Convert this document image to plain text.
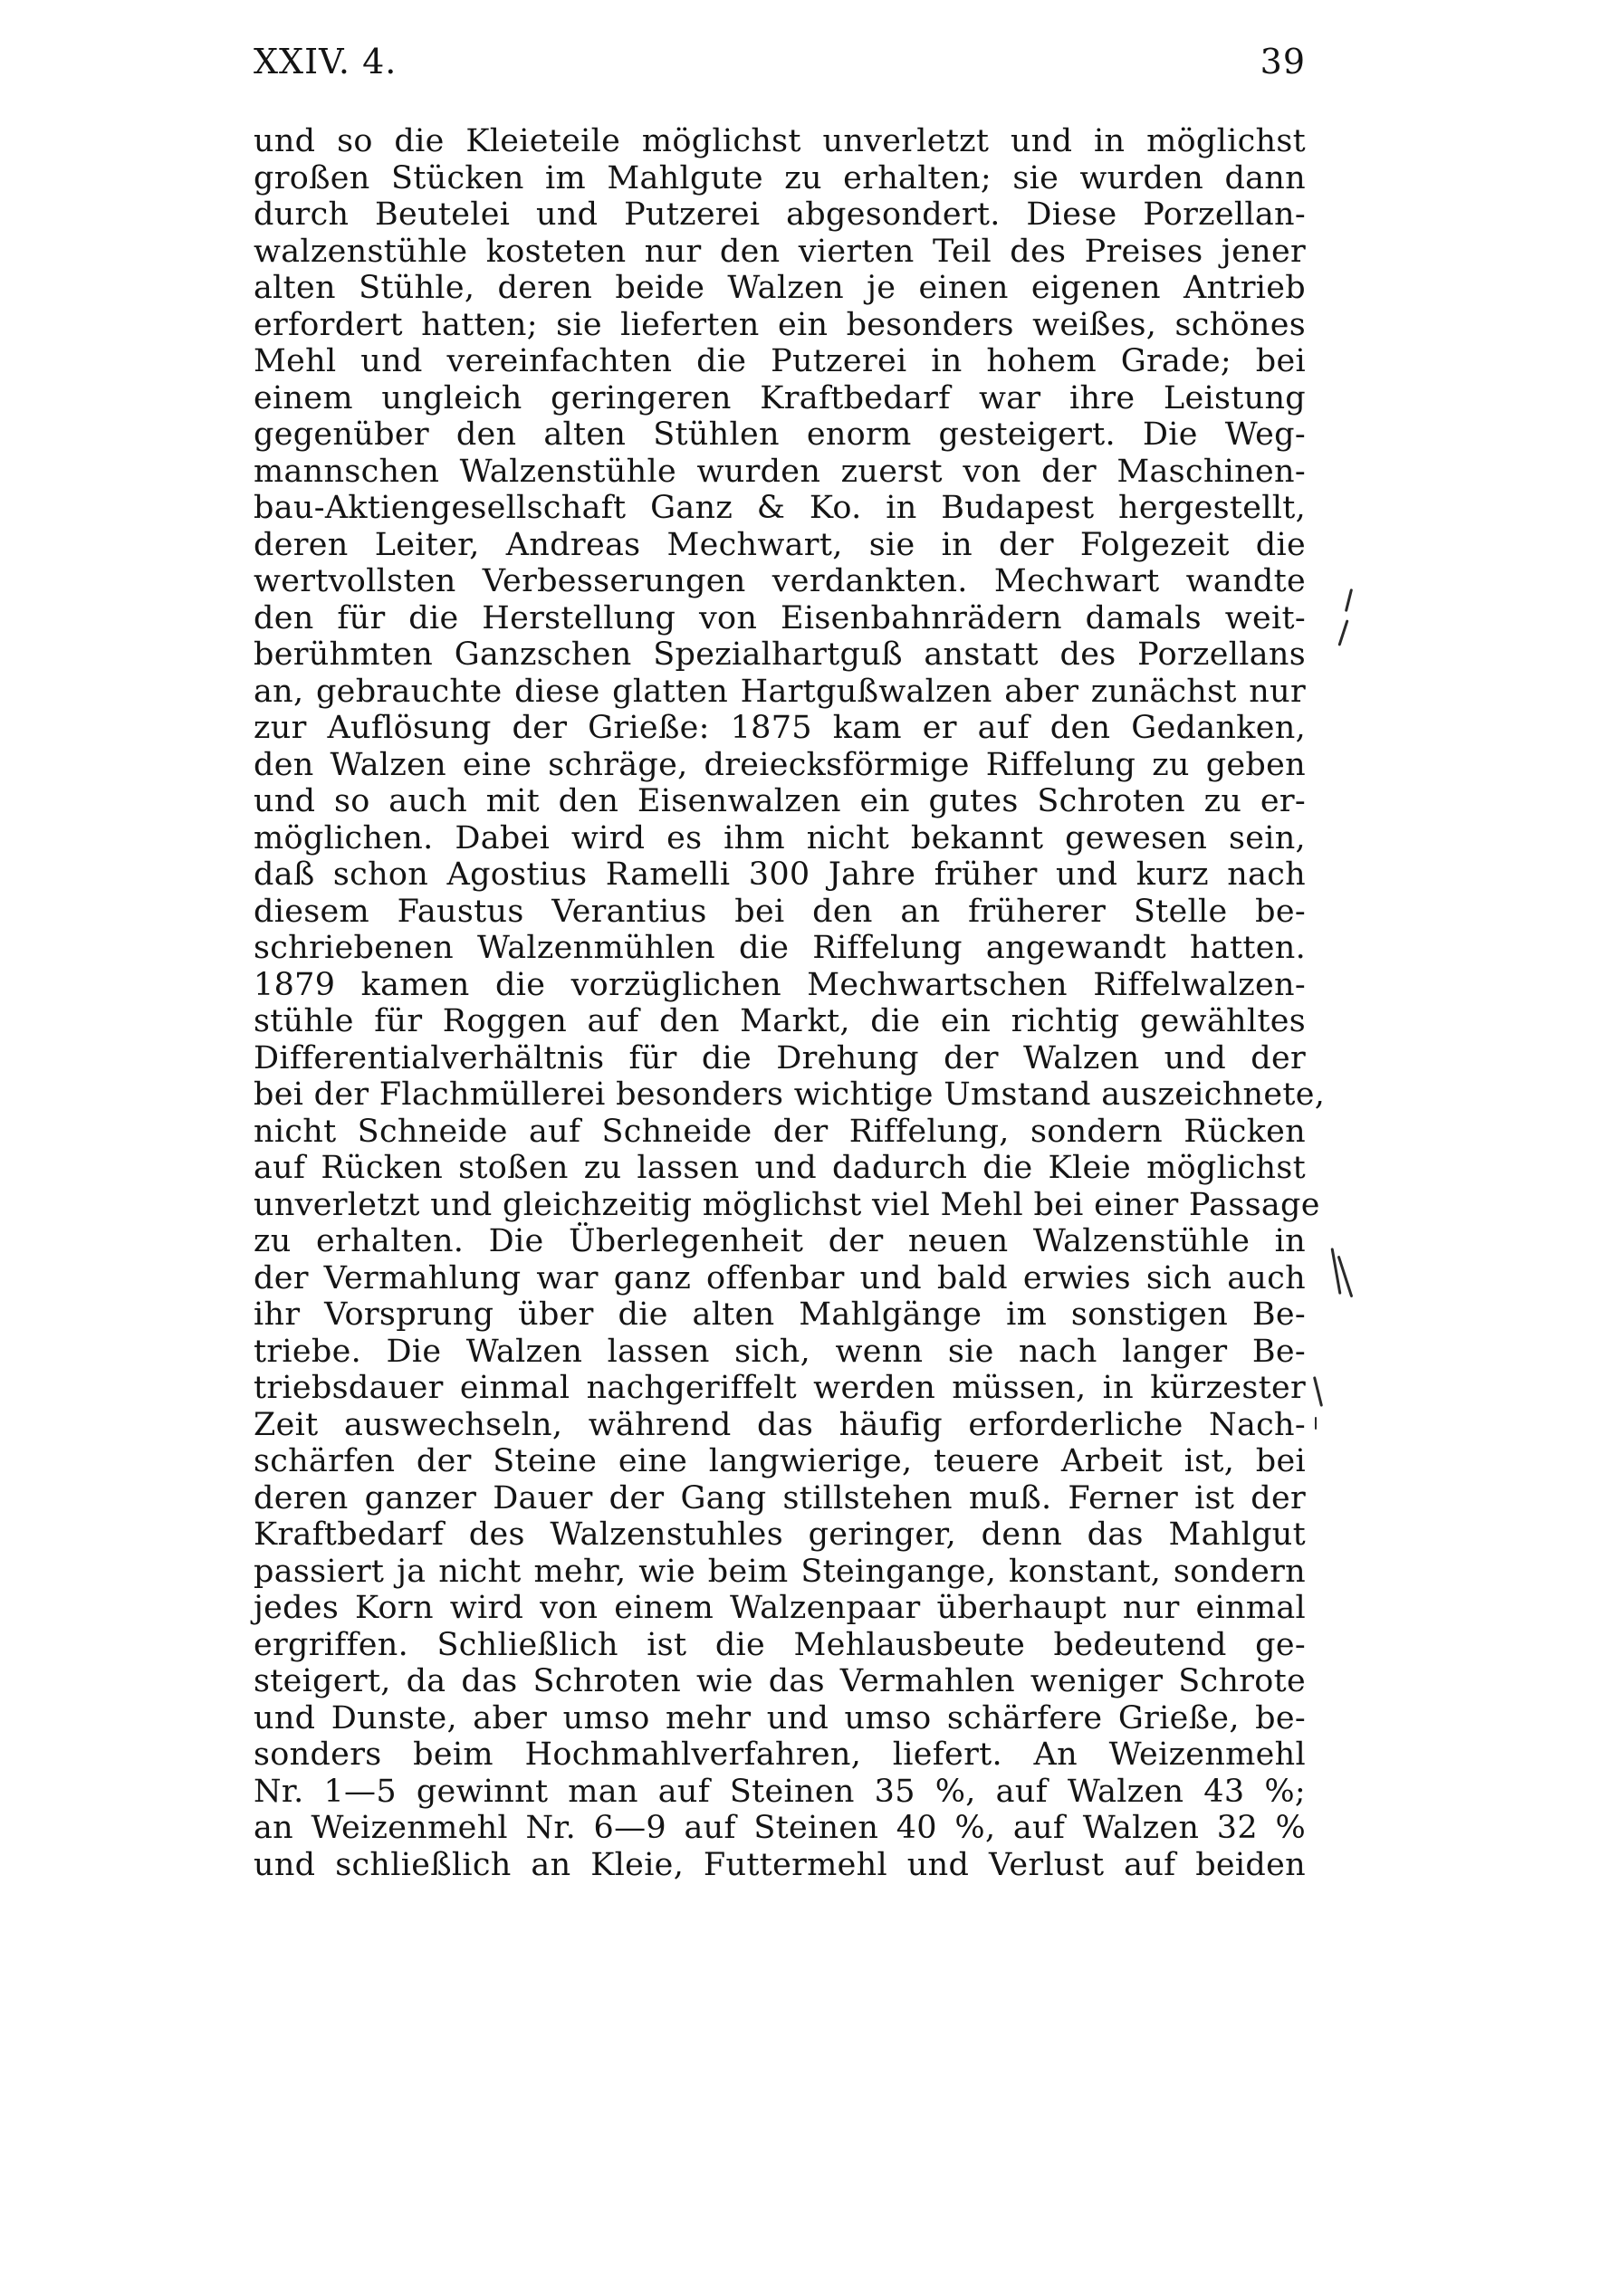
XXIV. 4.	39
und so die Kleieteile möglichst unverletzt und in möglichst
großen Stücken im Mahlgute zu erhalten; sie wurden dann
durch Beutelei und Putzerei abgesondert. Diese Porzellan-
walzenstühle kosteten nur den vierten Teil des Preises jener
alten Stühle, deren beide Walzen je einen eigenen Antrieb
erfordert hatten; sie lieferten ein besonders weißes, schönes
Mehl und vereinfachten die Putzerei in hohem Grade; bei
einem ungleich geringeren Kraftbedarf war ihre Leistung
gegenüber den alten Stühlen enorm gesteigert. Die Weg-
mannschen Walzenstühle wurden zuerst von der Maschinen-
bau-Aktiengesellschaft Ganz & Ko. in Budapest hergestellt,
deren Leiter, Andreas Mechwart, sie in der Folgezeit die
wertvollsten Verbesserungen verdankten. Mechwart wandte
den für die Herstellung von Eisenbahnrädern damals weit-
berühmten Ganzschen Spezialhartguß anstatt des Porzellans
an, gebrauchte diese glatten Hartgußwalzen aber zunächst nur
zur Auflösung der Grieße: 1875 kam er auf den Gedanken,
den Walzen eine schräge, dreiecksförmige Riffelung zu geben
und so auch mit den Eisenwalzen ein gutes Schroten zu er-
möglichen. Dabei wird es ihm nicht bekannt gewesen sein,
daß schon Agostius Ramelli 300 Jahre früher und kurz nach
diesem Faustus Verantius bei den an früherer Stelle be-
schriebenen Walzenmühlen die Riffelung angewandt hatten.
1879 kamen die vorzüglichen Mechwartschen Riffelwalzen-
stühle für Roggen auf den Markt, die ein richtig gewähltes
Differentialverhältnis für die Drehung der Walzen und der
bei der Flachmüllerei besonders wichtige Umstand auszeichnete,
nicht Schneide auf Schneide der Riffelung, sondern Rücken
auf Rücken stoßen zu lassen und dadurch die Kleie möglichst
unverletzt und gleichzeitig möglichst viel Mehl bei einer Passage
zu erhalten. Die Überlegenheit der neuen Walzenstühle in
der Vermahlung war ganz offenbar und bald erwies sich auch
ihr Vorsprung über die alten Mahlgänge im sonstigen Be-
triebe. Die Walzen lassen sich, wenn sie nach langer Be-
triebsdauer einmal nachgeriffelt werden müssen, in kürzester
Zeit auswechseln, während das häufig erforderliche Nach-
schärfen der Steine eine langwierige, teuere Arbeit ist, bei
deren ganzer Dauer der Gang stillstehen muß. Ferner ist der
Kraftbedarf des Walzenstuhles geringer, denn das Mahlgut
passiert ja nicht mehr, wie beim Steingange, konstant, sondern
jedes Korn wird von einem Walzenpaar überhaupt nur einmal
ergriffen. Schließlich ist die Mehlausbeute bedeutend ge-
steigert, da das Schroten wie das Vermahlen weniger Schrote
und Dunste, aber umso mehr und umso schärfere Grieße, be-
sonders beim Hochmahlverfahren, liefert. An Weizenmehl
Nr. 1—5 gewinnt man auf Steinen 35 %, auf Walzen 43 %;
an Weizenmehl Nr. 6—9 auf Steinen 40 %, auf Walzen 32 %
und schließlich an Kleie, Futtermehl und Verlust auf beiden
